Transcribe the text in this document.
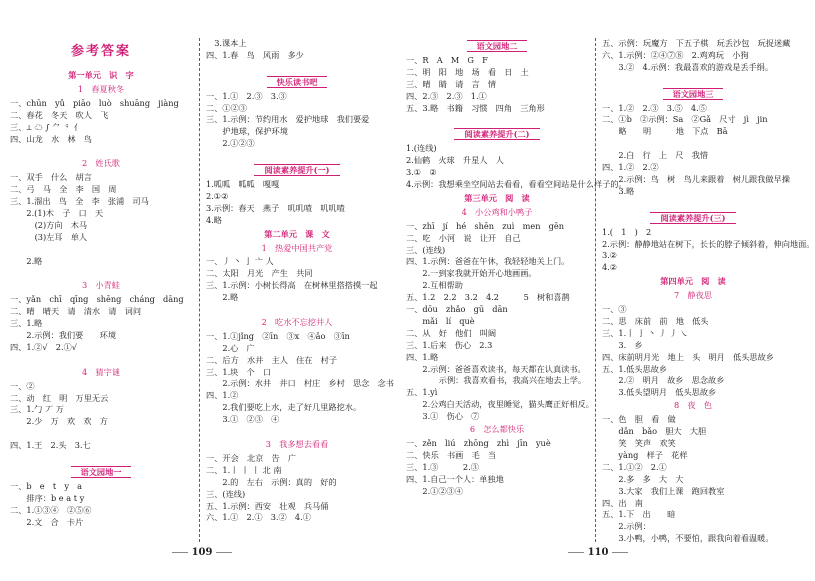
参考答案
第一单元　识　字
1　春夏秋冬
一、chūn　yǔ　piāo　luò　shuāng　jiàng
二、春花　冬天　吹人　飞
三、⟂ ☁ ∫ ⺈ ⺀ ⺅
四、山龙　水　林　鸟
2　姓氏歌
一、双手　什么　胡言
二、弓　马　全　李　国　周
三、1.溜出　鸟　全　李　张浦　司马
　　2.(1)木　子　口　天
　　　(2)方向　木马
　　　(3)左耳　单人

　　2.略
3　小青蛙
一、yǎn　chī　qīng　shēng　cháng　dāng
二、晴　晴天　请　清水　请　词问
三、1.略
　　2.示例：我们要　　环境
四、1.②√　2.①√
4　猜字谜
一、②
二、动　红　明　万里无云
三、1.⼓ 丆 万
　　2.少　万　欢　欢　方

四、1.王　2.头　3.七
语文园地一
一、b　e　t　y　a
　　排序：b e a t y
二、1.①③④　②⑤⑥
　　2.文　合　卡片
　3.课本上
四、1.春　鸟　风雨　多少
快乐读书吧
一、1.①　2.③　3.③
二、①②③
三、1.示例：节约用水　爱护地球　我们要爱
　　护地球，保护环境
　　2.①②③
阅读素养提升(一)
1.呱呱　呱呱　嘎嘎
2.①②
3.示例：春天　燕子　叽叽喳　叽叽喳
4.略
第二单元　课　文
1　热爱中国共产党
一、⼃ ⼂ ⼅ ⼇ ⼈
二、太阳　月光　产生　共同
三、1.示例：小树长得高　在树林里搭搭摸一起
　　2.略
2　吃水不忘挖井人
一、1.①jǐng　②īn　③x　④ǎo　③īn
　　2.心　广
二、后方　水井　主人　住在　村子
三、1.块　个　口
　　2.示例：水井　井口　村庄　乡村　思念　念书
四、1.②
　　2.我们要吃上水，走了好几里路挖水。
　　3.①　②③　④
3　我多想去看看
一、开会　北京　告　广
二、1.丨 ⼁ 丨 北 南
　　2.的　左右　示例：真的　好的
三、(连线)
五、1.示例：西安　壮观　兵马俑
六、1.①　2.①　3.②　4.①
109
语文园地二
一、R　A　M　G　F
二、明　阳　地　场　看　日　土
三、晴　睛　请　言　情
四、2.③　2.③　1.①
五、3.略　书籍　习惯　四角　三角形
阅读素养提升(二)
1.(连线)
2.仙鹤　火球　升星人　人
3.①　②
4.示例：我想乘坐空间站去看看，看看空间站是什么样子的。
第三单元　阅　读
4　小公鸡和小鸭子
一、zhī　jí　hé　shēn　zuì　men　gēn
二、吃　小河　说　让开　自己
三、(连线)
四、1.示例：爸爸在午休，我轻轻地关上门。
　　2.一到家我就开始开心地画画。
　　2.互相帮助
五、1.2　2.2　3.2　4.2　　　5　树和喜鹊
一、dōu　zhǎo　gū　dān
　　mǎi　lí　què　
二、从　好　他们　叫阔
三、1.后来　伤心　2.3
四、1.略
　　2.示例：爸爸喜欢读书，每天都在认真读书。
　　　　示例：我喜欢看书，我高兴在地去上学。
五、1.yì
　　2.公鸡白天活动，夜里睡觉，猫头鹰正好相反。
　　3.①　伤心　⑦
6　怎么都快乐
一、zěn　liú　zhōng　zhì　jīn　yuè
二、快乐　书画　毛　当
三、1.③　　　2.③
四、1.自己一个人：单独地　　
　　2.①②③④
五、示例：玩魔方　下五子棋　玩丢沙包　玩捉迷藏
六、1.示例：②④⑦⑧　2.鸡鸡玩　小狗
　　3.②　4.示例：我最喜欢的游戏是丢手绢。
语文园地三
一、1.②　2.③　3.⑤　4.⑤
二、①b　②示例：Sa　②Gǎ　尺寸　jì　jin
　　略　　明　　　地　下点　Bā

　　2.白　行　上　尺　我惜
四、1.②　2.②
　　2.示例：鸟　树　鸟儿来跟着　树儿跟我做早操
　　3.略
阅读素养提升(三)
1.(　1　)　2　
2.示例：静静地站在树下，长长的脖子倾斜着，伸向地面。
3.②
4.②
第四单元　阅　读
7　静夜思
一、③
二、思　床前　前　地　低头
三、1.⼁ ⼅ ⼂ ⼃ 丿 ㇏
　　3.　乡
四、床前明月光　地上　头　明月　低头思故乡
五、1.低头思故乡
　　2.②　明月　故乡　思念故乡
　　3.低头望明月　低头思故乡
8　夜　色
一、色　胆　看　做
　　dǎn　bǎo　胆大　大胆
　　笑　笑声　欢笑
　　yàng　样子　花样
二、1.①②　2.①
　　2.多　多　大　大
　　3.大家　我们上课　跑回教室
四、出　南
五、1.下　出　　暗
　　2.示例：
　　3.小鸭，小鸭，不要怕，跟我向着看温暖。
110
